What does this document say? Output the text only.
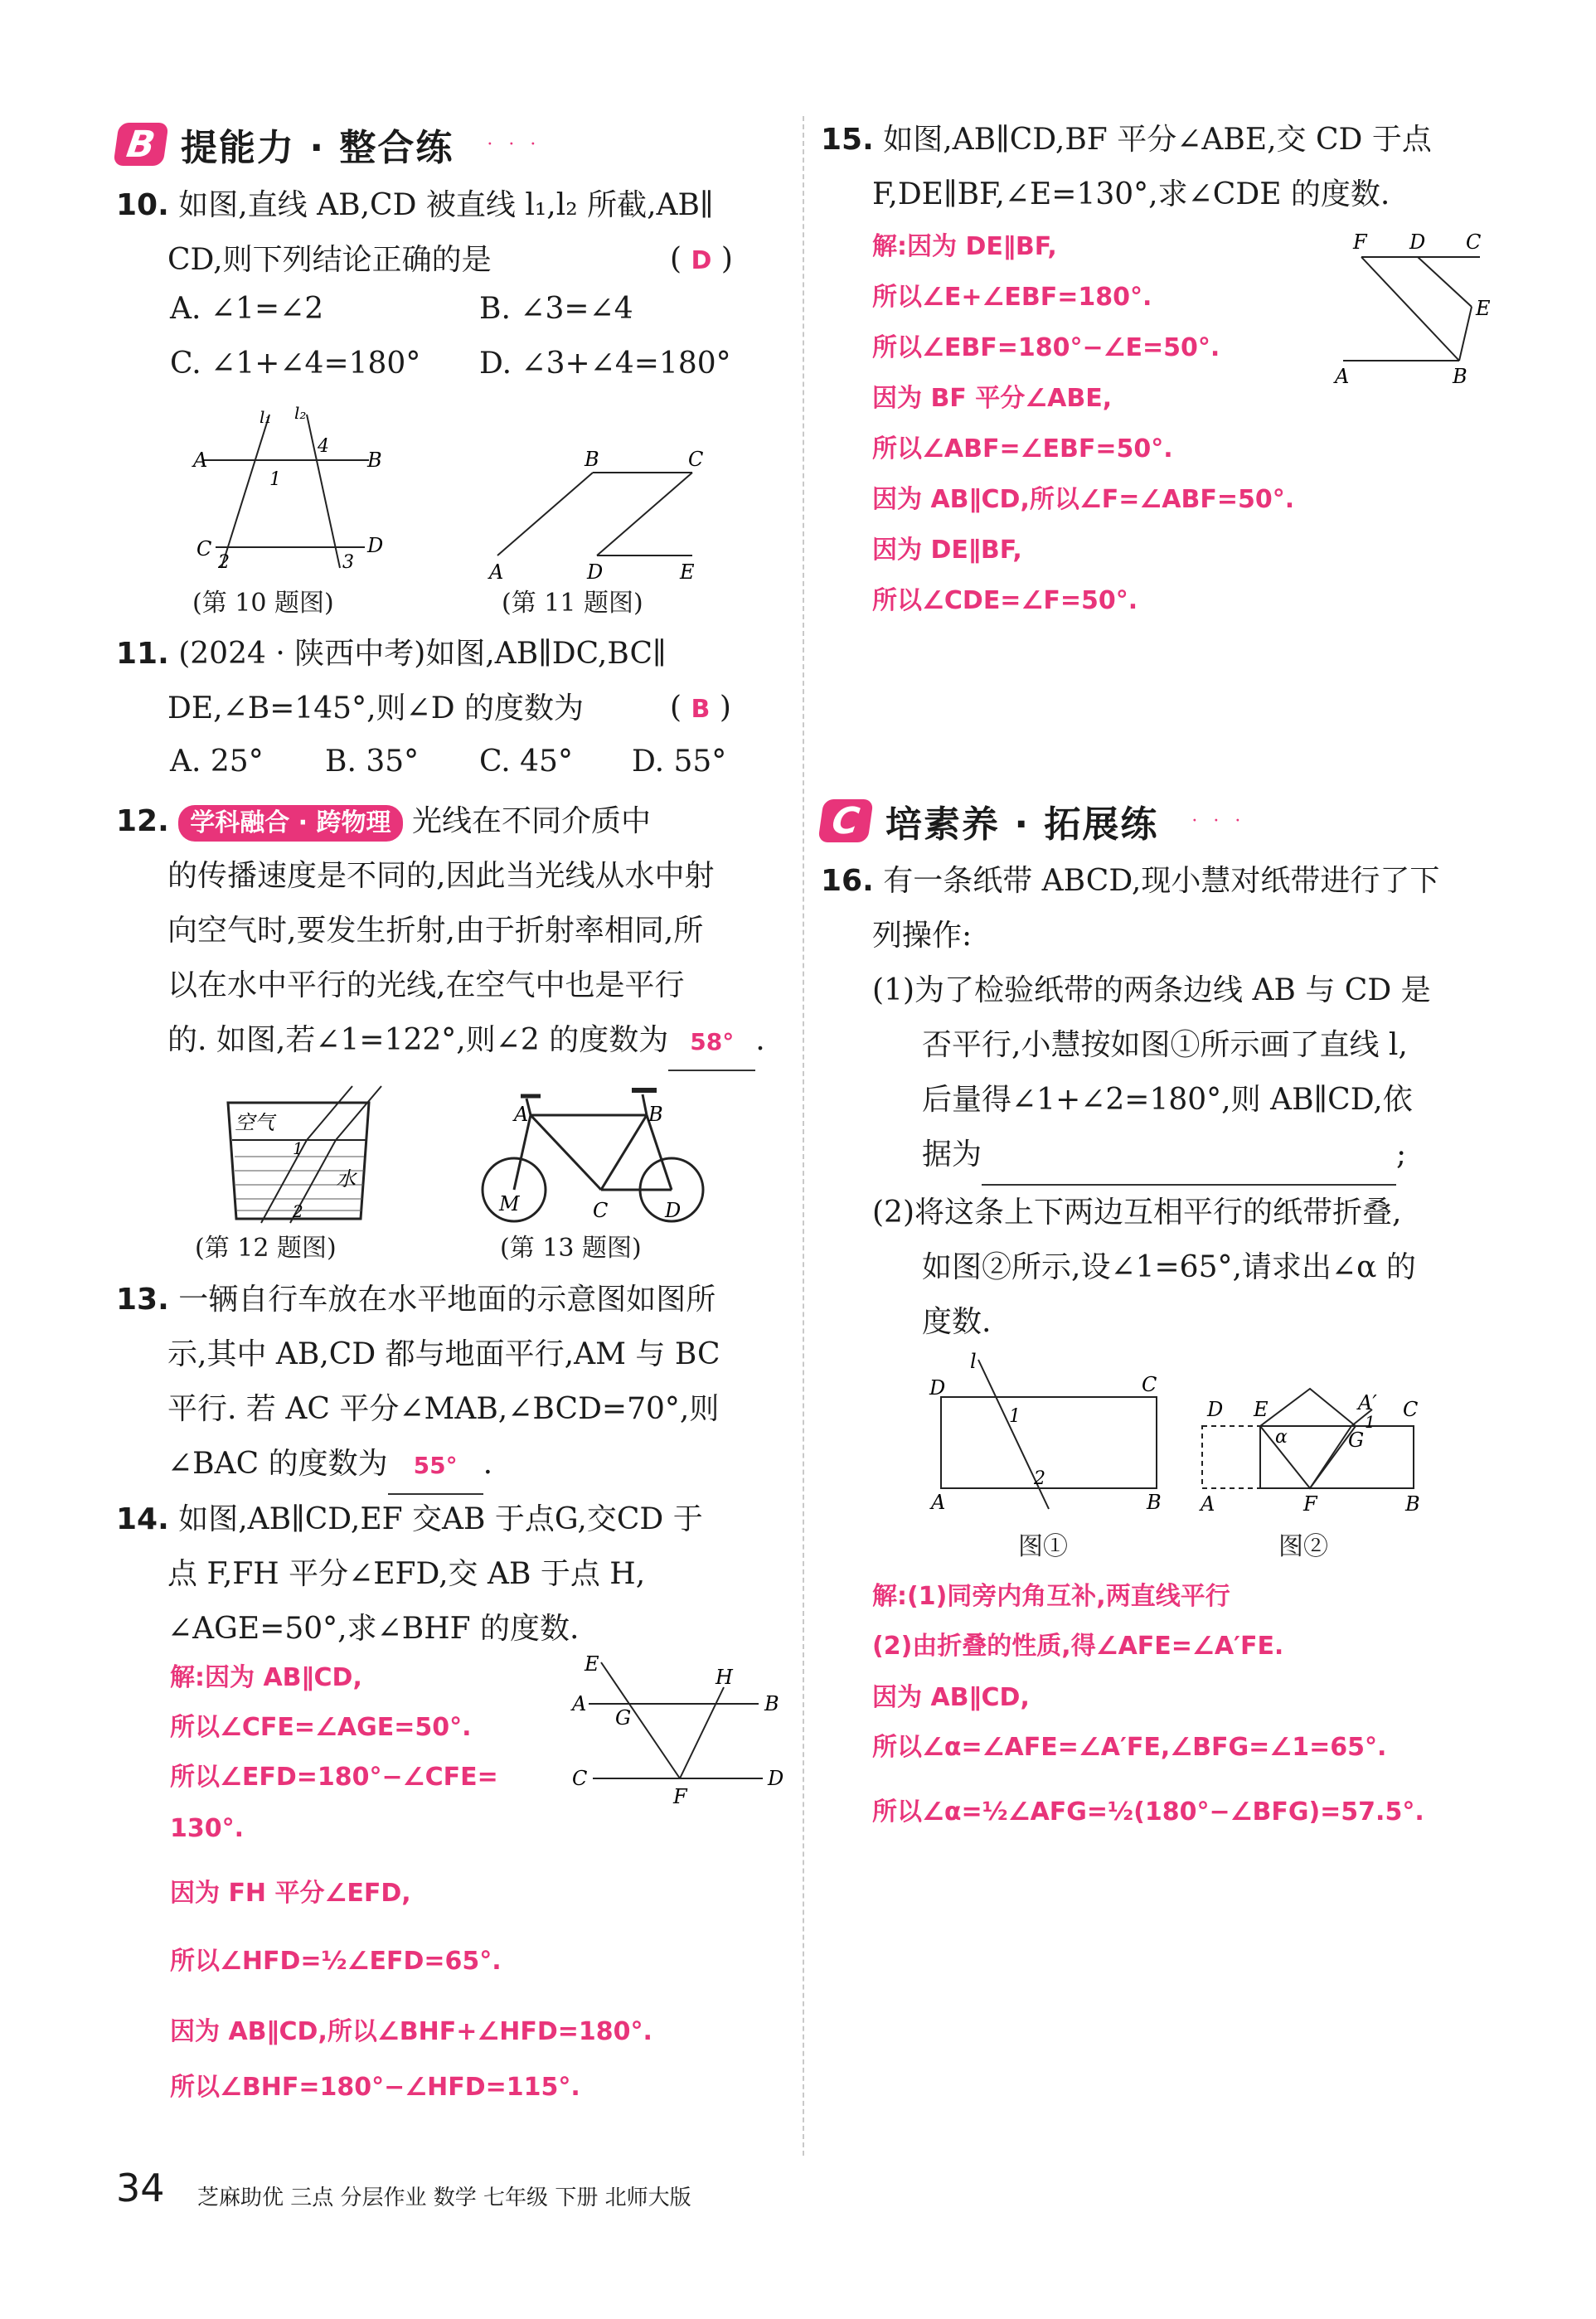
B 提能力 · 整合练 · · ·
10. 如图,直线 AB,CD 被直线 l₁,l₂ 所截,AB∥
CD,则下列结论正确的是	( D )
A. ∠1=∠2	B. ∠3=∠4
C. ∠1+∠4=180° D. ∠3+∠4=180°
A	B
C	D
l₁ l₂
1
2	3
4
(第 10 题图)
A
B	C
D	E
(第 11 题图)
11. (2024 · 陕西中考)如图,AB∥DC,BC∥
DE,∠B=145°,则∠D 的度数为	( B )
A. 25° B. 35° C. 45° D. 55°
12. 学科融合 · 跨物理 光线在不同介质中
的传播速度是不同的,因此当光线从水中射
向空气时,要发生折射,由于折射率相同,所
以在水中平行的光线,在空气中也是平行
的. 如图,若∠1=122°,则∠2 的度数为 58° .
空气
水
1
2
(第 12 题图)
A	B
C	D
M
(第 13 题图)
13. 一辆自行车放在水平地面的示意图如图所
示,其中 AB,CD 都与地面平行,AM 与 BC
平行. 若 AC 平分∠MAB,∠BCD=70°,则
∠BAC 的度数为 55° .
14. 如图,AB∥CD,EF 交AB 于点G,交CD 于
点 F,FH 平分∠EFD,交 AB 于点 H,
∠AGE=50°,求∠BHF 的度数.
解:因为 AB∥CD,
所以∠CFE=∠AGE=50°.
所以∠EFD=180°−∠CFE=
130°.
因为 FH 平分∠EFD,
所以∠HFD=½∠EFD=65°.
因为 AB∥CD,所以∠BHF+∠HFD=180°.
所以∠BHF=180°−∠HFD=115°.
A	B
C	D
E
F
G
H
15. 如图,AB∥CD,BF 平分∠ABE,交 CD 于点
F,DE∥BF,∠E=130°,求∠CDE 的度数.
解:因为 DE∥BF,
所以∠E+∠EBF=180°.
所以∠EBF=180°−∠E=50°.
因为 BF 平分∠ABE,
所以∠ABF=∠EBF=50°.
因为 AB∥CD,所以∠F=∠ABF=50°.
因为 DE∥BF,
所以∠CDE=∠F=50°.
F D C
E
A	B
C 培素养 · 拓展练 · · ·
16. 有一条纸带 ABCD,现小慧对纸带进行了下
列操作:
(1)为了检验纸带的两条边线 AB 与 CD 是
否平行,小慧按如图①所示画了直线 l,
后量得∠1+∠2=180°,则 AB∥CD,依
据为	;
(2)将这条上下两边互相平行的纸带折叠,
如图②所示,设∠1=65°,请求出∠α 的
度数.
l
D	C
A	B
1
2
图①
D E	A′ C
G
A	F	B
1
α
图②
解:(1)同旁内角互补,两直线平行
(2)由折叠的性质,得∠AFE=∠A′FE.
因为 AB∥CD,
所以∠α=∠AFE=∠A′FE,∠BFG=∠1=65°.
所以∠α=½∠AFG=½(180°−∠BFG)=57.5°.
34 芝麻助优 三点 分层作业 数学 七年级 下册 北师大版
